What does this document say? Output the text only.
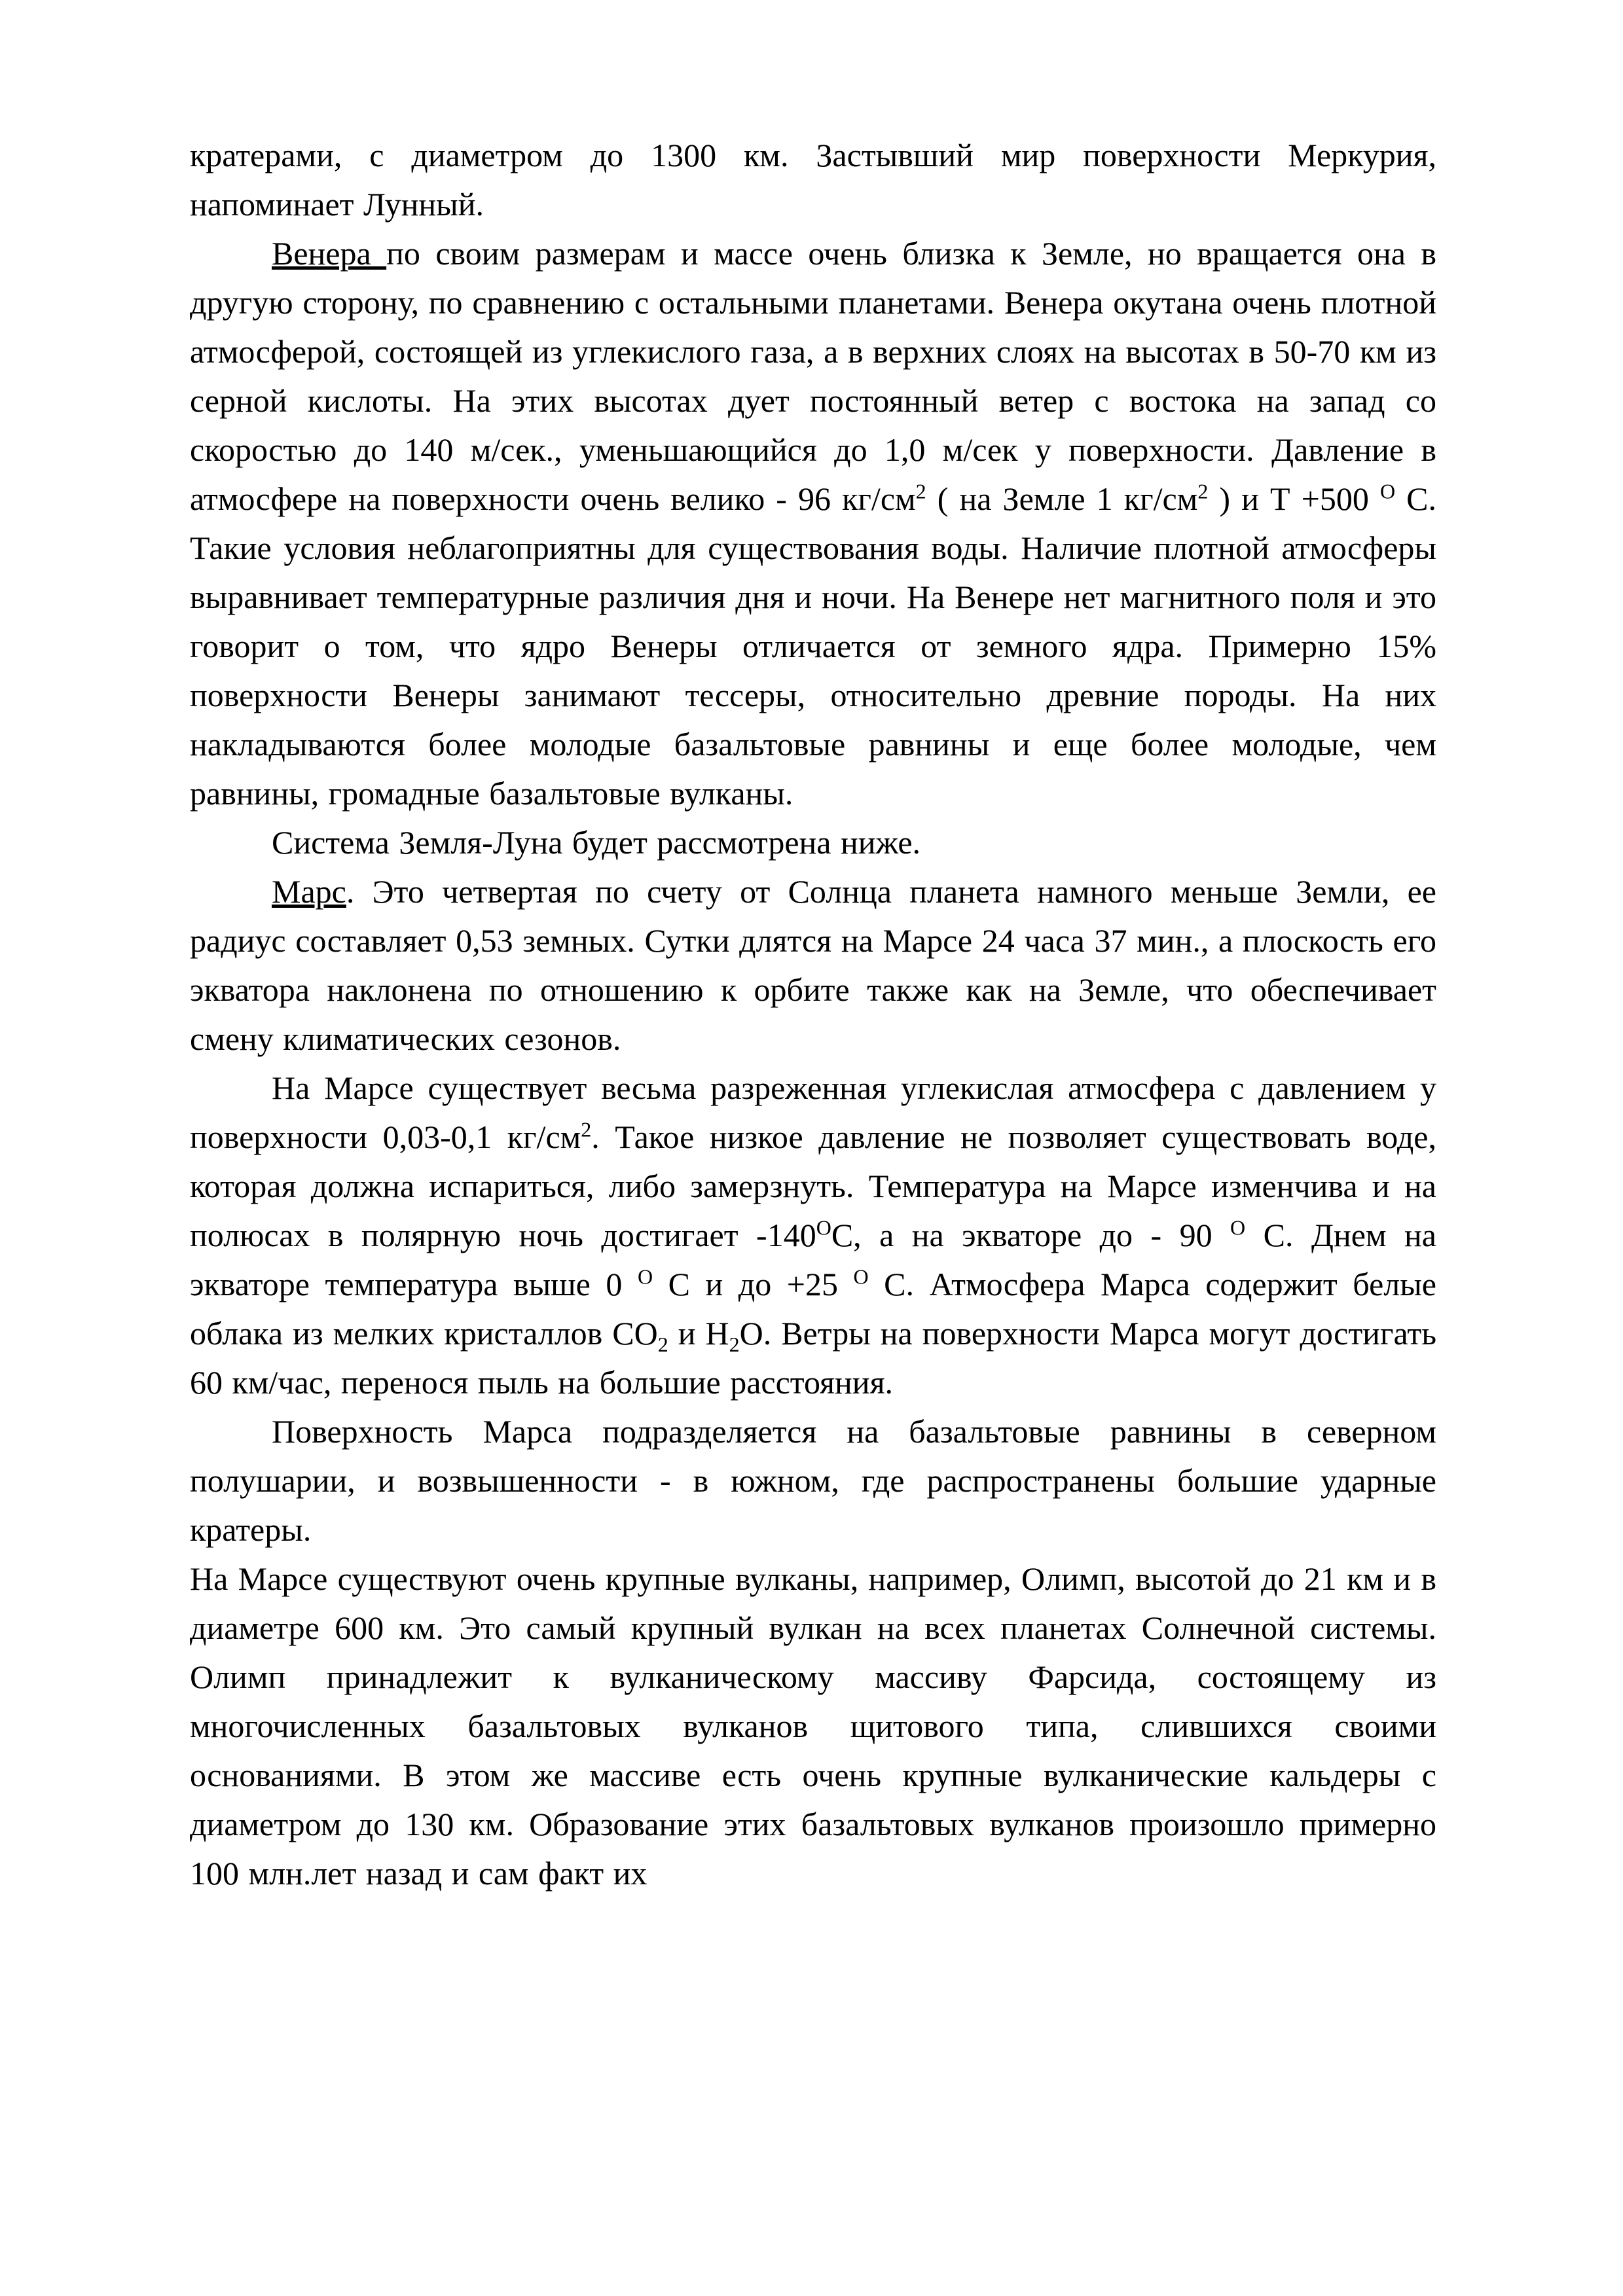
кратерами, с диаметром до 1300 км. Застывший мир поверхности Меркурия, напоминает Лунный.

Венера по своим размерам и массе очень близка к Земле, но вращается она в другую сторону, по сравнению с остальными планетами. Венера окутана очень плотной атмосферой, состоящей из углекислого газа, а в верхних слоях на высотах в 50-70 км из серной кислоты. На этих высотах дует постоянный ветер с востока на запад со скоростью до 140 м/сек., уменьшающийся до 1,0 м/сек у поверхности. Давление в атмосфере на поверхности очень велико - 96 $кг/см^2$ ( на Земле 1 $кг/см^2$ ) и Т +500 $^О$ С. Такие условия неблагоприятны для существования воды. Наличие плотной атмосферы выравнивает температурные различия дня и ночи. На Венере нет магнитного поля и это говорит о том, что ядро Венеры отличается от земного ядра. Примерно 15% поверхности Венеры занимают тессеры, относительно древние породы. На них накладываются более молодые базальтовые равнины и еще более молодые, чем равнины, громадные базальтовые вулканы.

Система Земля-Луна будет рассмотрена ниже.

Марс. Это четвертая по счету от Солнца планета намного меньше Земли, ее радиус составляет 0,53 земных. Сутки длятся на Марсе 24 часа 37 мин., а плоскость его экватора наклонена по отношению к орбите также как на Земле, что обеспечивает смену климатических сезонов.

На Марсе существует весьма разреженная углекислая атмосфера с давлением у поверхности 0,03-0,1 $кг/см^2$. Такое низкое давление не позволяет существовать воде, которая должна испариться, либо замерзнуть. Температура на Марсе изменчива и на полюсах в полярную ночь достигает $-140^ОС$, а на экваторе до - 90 $^О$ С. Днем на экваторе температура выше 0 $^О$ С и до +25 $^О$ С. Атмосфера Марса содержит белые облака из мелких кристаллов $СО_2$ и $Н_2О$. Ветры на поверхности Марса могут достигать 60 км/час, перенося пыль на большие расстояния.

Поверхность Марса подразделяется на базальтовые равнины в северном полушарии, и возвышенности - в южном, где распространены большие ударные кратеры.

На Марсе существуют очень крупные вулканы, например, Олимп, высотой до 21 км и в диаметре 600 км. Это самый крупный вулкан на всех планетах Солнечной системы. Олимп принадлежит к вулканическому массиву Фарсида, состоящему из многочисленных базальтовых вулканов щитового типа, слившихся своими основаниями. В этом же массиве есть очень крупные вулканические кальдеры с диаметром до 130 км. Образование этих базальтовых вулканов произошло примерно 100 млн.лет назад и сам факт их
